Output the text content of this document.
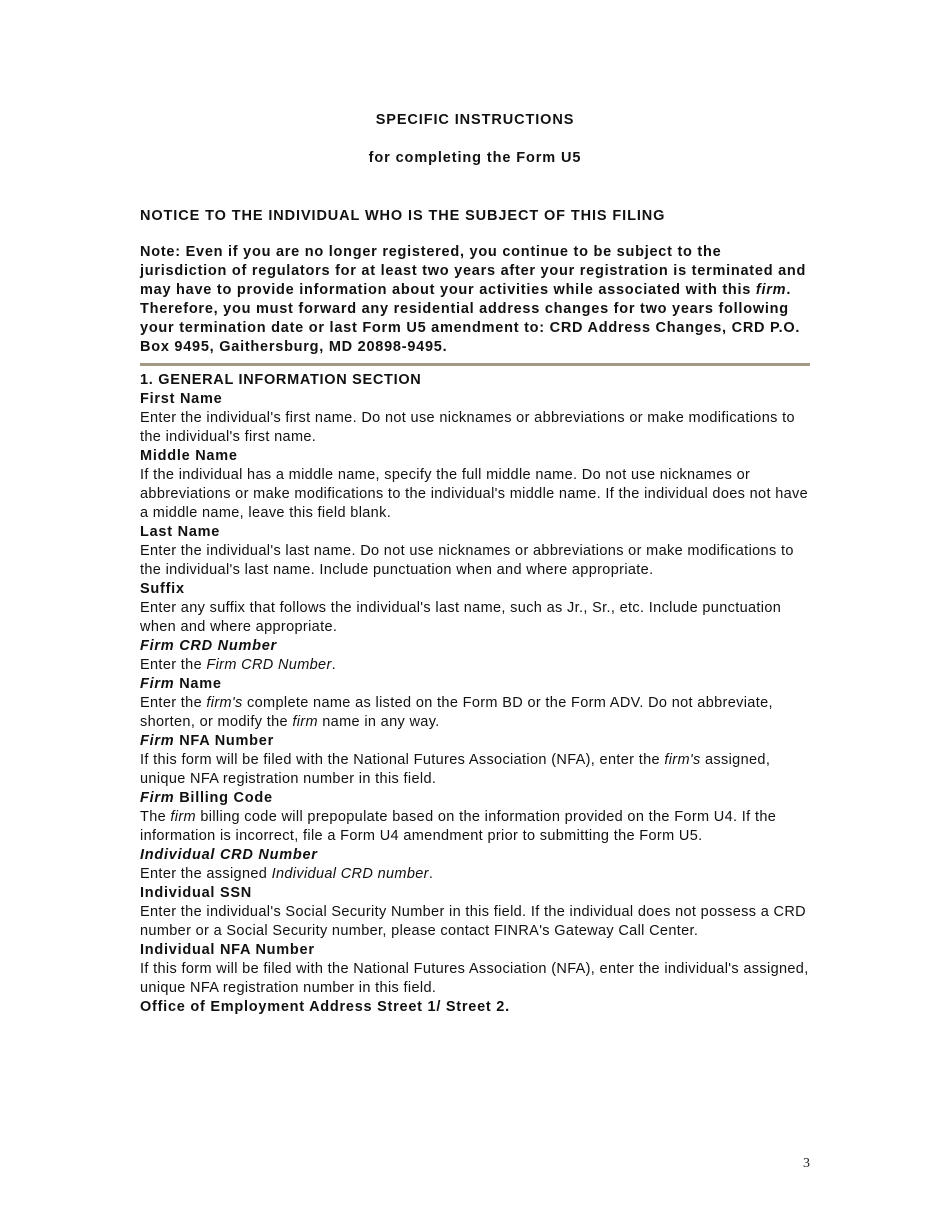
SPECIFIC INSTRUCTIONS

for completing the Form U5

NOTICE TO THE INDIVIDUAL WHO IS THE SUBJECT OF THIS FILING

Note: Even if you are no longer registered, you continue to be subject to the jurisdiction of regulators for at least two years after your registration is terminated and may have to provide information about your activities while associated with this firm. Therefore, you must forward any residential address changes for two years following your termination date or last Form U5 amendment to: CRD Address Changes, CRD P.O. Box 9495, Gaithersburg, MD 20898-9495.

1. GENERAL INFORMATION SECTION

First Name

Enter the individual's first name. Do not use nicknames or abbreviations or make modifications to the individual's first name.

Middle Name

If the individual has a middle name, specify the full middle name. Do not use nicknames or abbreviations or make modifications to the individual's middle name. If the individual does not have a middle name, leave this field blank.

Last Name

Enter the individual's last name. Do not use nicknames or abbreviations or make modifications to the individual's last name. Include punctuation when and where appropriate.

Suffix

Enter any suffix that follows the individual's last name, such as Jr., Sr., etc. Include punctuation when and where appropriate.

Firm CRD Number

Enter the Firm CRD Number.

Firm Name

Enter the firm's complete name as listed on the Form BD or the Form ADV. Do not abbreviate, shorten, or modify the firm name in any way.

Firm NFA Number

If this form will be filed with the National Futures Association (NFA), enter the firm's assigned, unique NFA registration number in this field.

Firm Billing Code

The firm billing code will prepopulate based on the information provided on the Form U4. If the information is incorrect, file a Form U4 amendment prior to submitting the Form U5.

Individual CRD Number

Enter the assigned Individual CRD number.

Individual SSN

Enter the individual's Social Security Number in this field. If the individual does not possess a CRD number or a Social Security number, please contact FINRA's Gateway Call Center.

Individual NFA Number

If this form will be filed with the National Futures Association (NFA), enter the individual's assigned, unique NFA registration number in this field.

Office of Employment Address Street 1/ Street 2.

3
